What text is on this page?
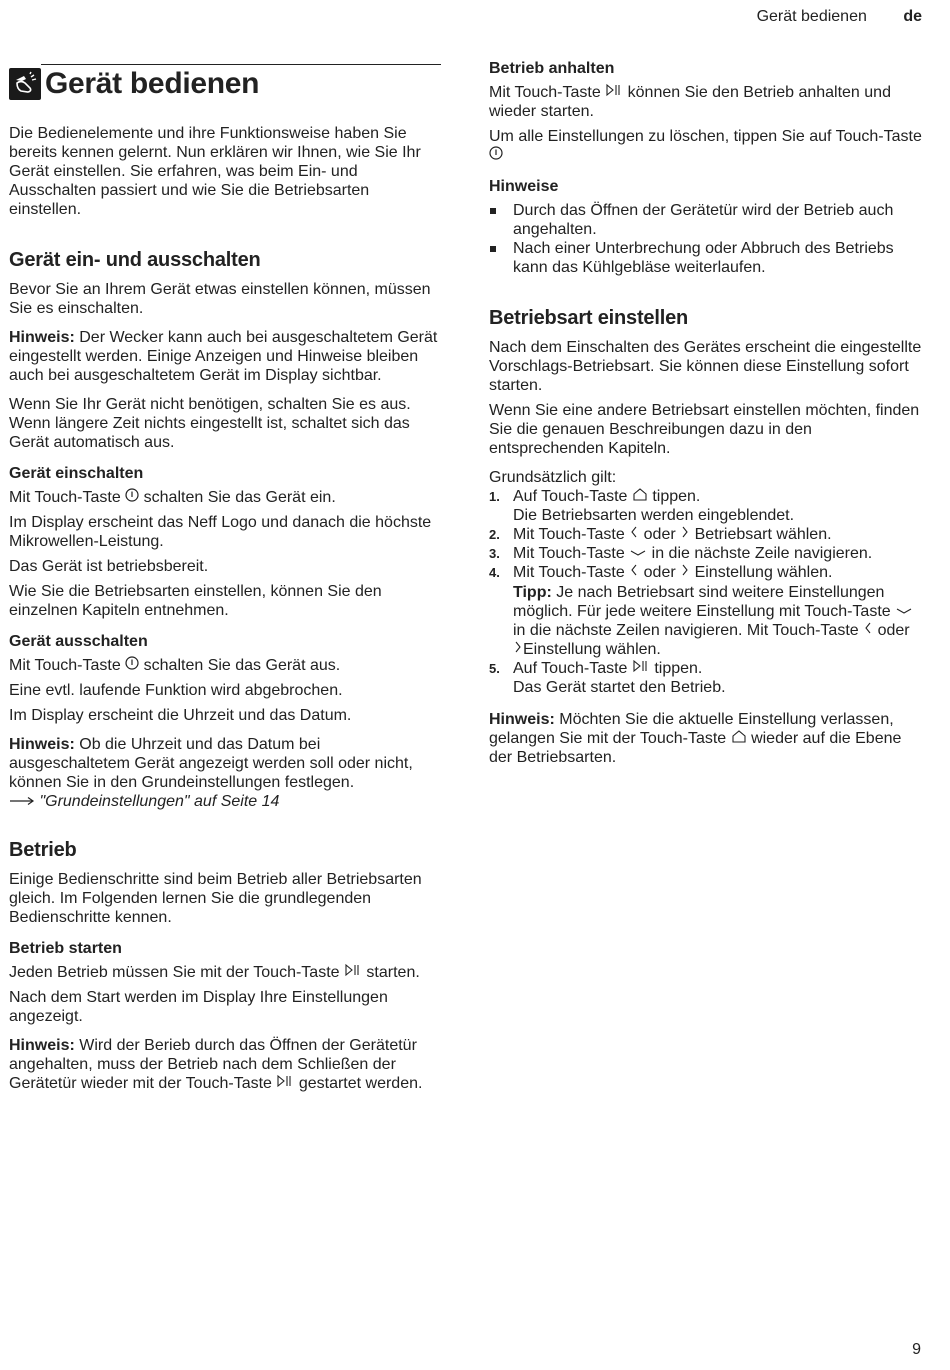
Gerät bedienen de
Gerät bedienen

Die Bedienelemente und ihre Funktionsweise haben Sie bereits kennen gelernt. Nun erklären wir Ihnen, wie Sie Ihr Gerät einstellen. Sie erfahren, was beim Ein- und Ausschalten passiert und wie Sie die Betriebsarten einstellen.

Gerät ein- und ausschalten

Bevor Sie an Ihrem Gerät etwas einstellen können, müssen Sie es einschalten.

Hinweis: Der Wecker kann auch bei ausgeschaltetem Gerät eingestellt werden. Einige Anzeigen und Hinweise bleiben auch bei ausgeschaltetem Gerät im Display sichtbar.

Wenn Sie Ihr Gerät nicht benötigen, schalten Sie es aus. Wenn längere Zeit nichts eingestellt ist, schaltet sich das Gerät automatisch aus.

Gerät einschalten

Mit Touch-Taste  schalten Sie das Gerät ein.

Im Display erscheint das Neff Logo und danach die höchste Mikrowellen-Leistung.

Das Gerät ist betriebsbereit.

Wie Sie die Betriebsarten einstellen, können Sie den einzelnen Kapiteln entnehmen.

Gerät ausschalten

Mit Touch-Taste  schalten Sie das Gerät aus.

Eine evtl. laufende Funktion wird abgebrochen.

Im Display erscheint die Uhrzeit und das Datum.

Hinweis: Ob die Uhrzeit und das Datum bei ausgeschaltetem Gerät angezeigt werden soll oder nicht, können Sie in den Grundeinstellungen festlegen.
"Grundeinstellungen" auf Seite 14

Betrieb

Einige Bedienschritte sind beim Betrieb aller Betriebsarten gleich. Im Folgenden lernen Sie die grundlegenden Bedienschritte kennen.

Betrieb starten

Jeden Betrieb müssen Sie mit der Touch-Taste  starten.

Nach dem Start werden im Display Ihre Einstellungen angezeigt.

Hinweis: Wird der Berieb durch das Öffnen der Gerätetür angehalten, muss der Betrieb nach dem Schließen der Gerätetür wieder mit der Touch-Taste  gestartet werden.

Betrieb anhalten

Mit Touch-Taste  können Sie den Betrieb anhalten und wieder starten.

Um alle Einstellungen zu löschen, tippen Sie auf Touch-Taste

Hinweise
Durch das Öffnen der Gerätetür wird der Betrieb auch angehalten.
Nach einer Unterbrechung oder Abbruch des Betriebs kann das Kühlgebläse weiterlaufen.
Betriebsart einstellen

Nach dem Einschalten des Gerätes erscheint die eingestellte Vorschlags-Betriebsart. Sie können diese Einstellung sofort starten.

Wenn Sie eine andere Betriebsart einstellen möchten, finden Sie die genauen Beschreibungen dazu in den entsprechenden Kapiteln.

Grundsätzlich gilt:

1. Auf Touch-Taste  tippen.
Die Betriebsarten werden eingeblendet.
2. Mit Touch-Taste  oder  Betriebsart wählen.
3. Mit Touch-Taste  in die nächste Zeile navigieren.
4. Mit Touch-Taste  oder  Einstellung wählen.
Tipp: Je nach Betriebsart sind weitere Einstellungen möglich. Für jede weitere Einstellung mit Touch-Taste  in die nächste Zeilen navigieren. Mit Touch-Taste  oder Einstellung wählen.
5. Auf Touch-Taste  tippen.
Das Gerät startet den Betrieb.

Hinweis: Möchten Sie die aktuelle Einstellung verlassen, gelangen Sie mit der Touch-Taste  wieder auf die Ebene der Betriebsarten.

9
